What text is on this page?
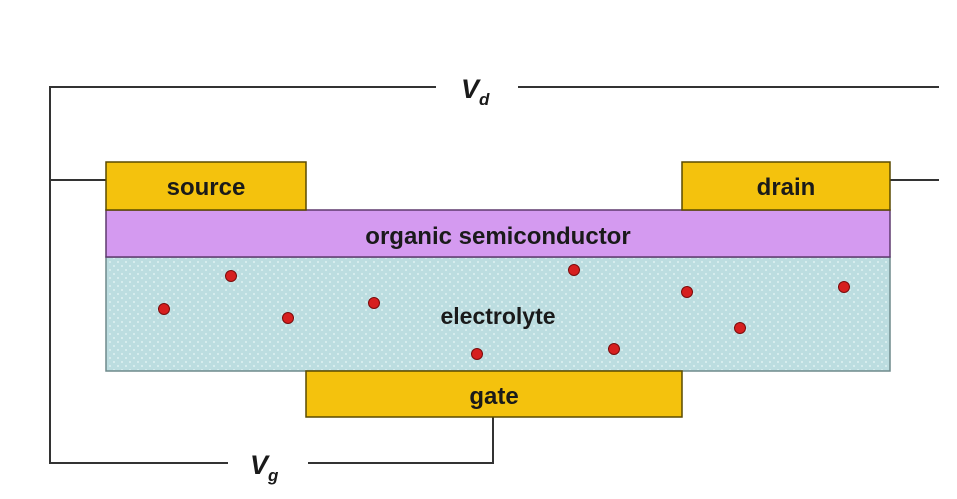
$V_d$
$V_g$
source	drain
organic semiconductor
electrolyte
gate
